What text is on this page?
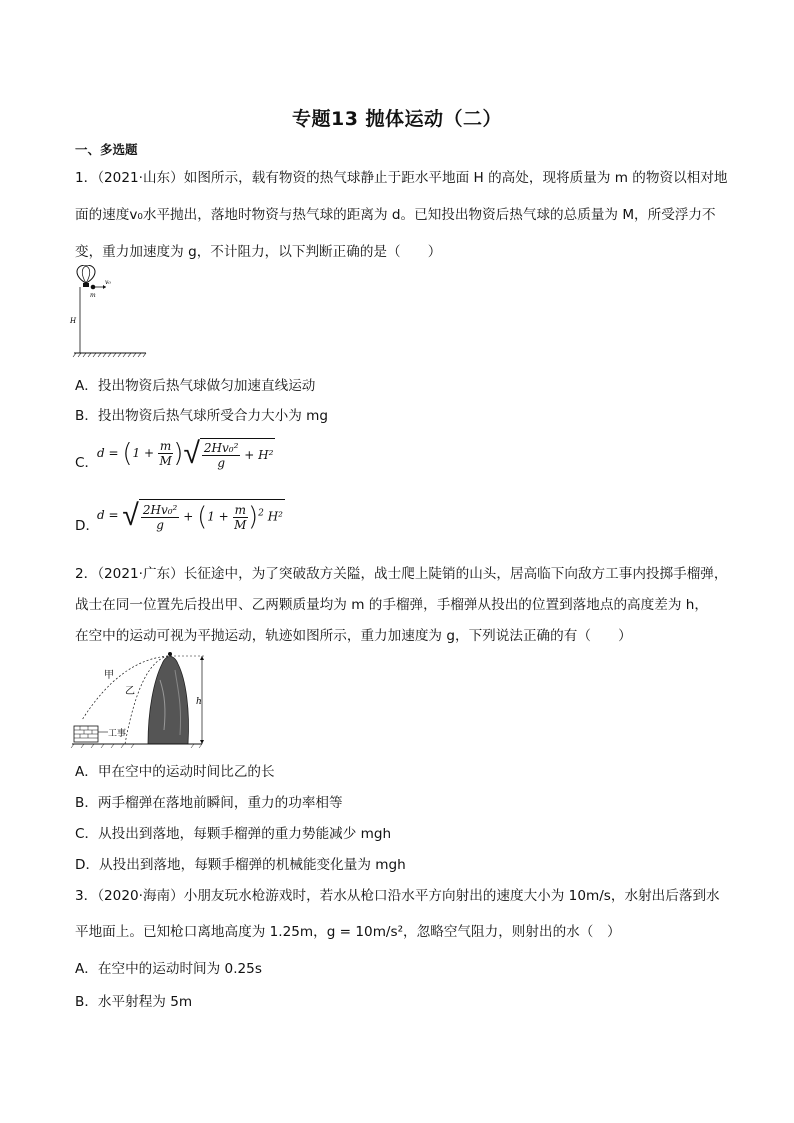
专题13 抛体运动（二）
一、多选题
1．（2021·山东）如图所示，载有物资的热气球静止于距水平地面 H 的高处，现将质量为 m 的物资以相对地
面的速度v₀水平抛出，落地时物资与热气球的距离为 d。已知投出物资后热气球的总质量为 M，所受浮力不
变，重力加速度为 g，不计阻力，以下判断正确的是（　　）
v₀
m
H
A．投出物资后热气球做匀加速直线运动
B．投出物资后热气球所受合力大小为 mg
C．
$d = (1 + \frac{m}{M}$ )√ $\frac{\text{2Hv₀²}}{g} + H^2$
D．
d = √ $\frac{\text{2Hv₀²}}{g} + (1 + \frac{m}{M} )^2$ H²
2．（2021·广东）长征途中，为了突破敌方关隘，战士爬上陡销的山头，居高临下向敌方工事内投掷手榴弹，
战士在同一位置先后投出甲、乙两颗质量均为 m 的手榴弹，手榴弹从投出的位置到落地点的高度差为 h，
在空中的运动可视为平抛运动，轨迹如图所示，重力加速度为 g，下列说法正确的有（　　）
甲
乙
工事
h
A．甲在空中的运动时间比乙的长
B．两手榴弹在落地前瞬间，重力的功率相等
C．从投出到落地，每颗手榴弹的重力势能减少 mgh
D．从投出到落地，每颗手榴弹的机械能变化量为 mgh
3．（2020·海南）小朋友玩水枪游戏时，若水从枪口沿水平方向射出的速度大小为 10m/s，水射出后落到水
平地面上。已知枪口离地高度为 1.25m，g = 10m/s²，忽略空气阻力，则射出的水（　）
A．在空中的运动时间为 0.25s
B．水平射程为 5m
